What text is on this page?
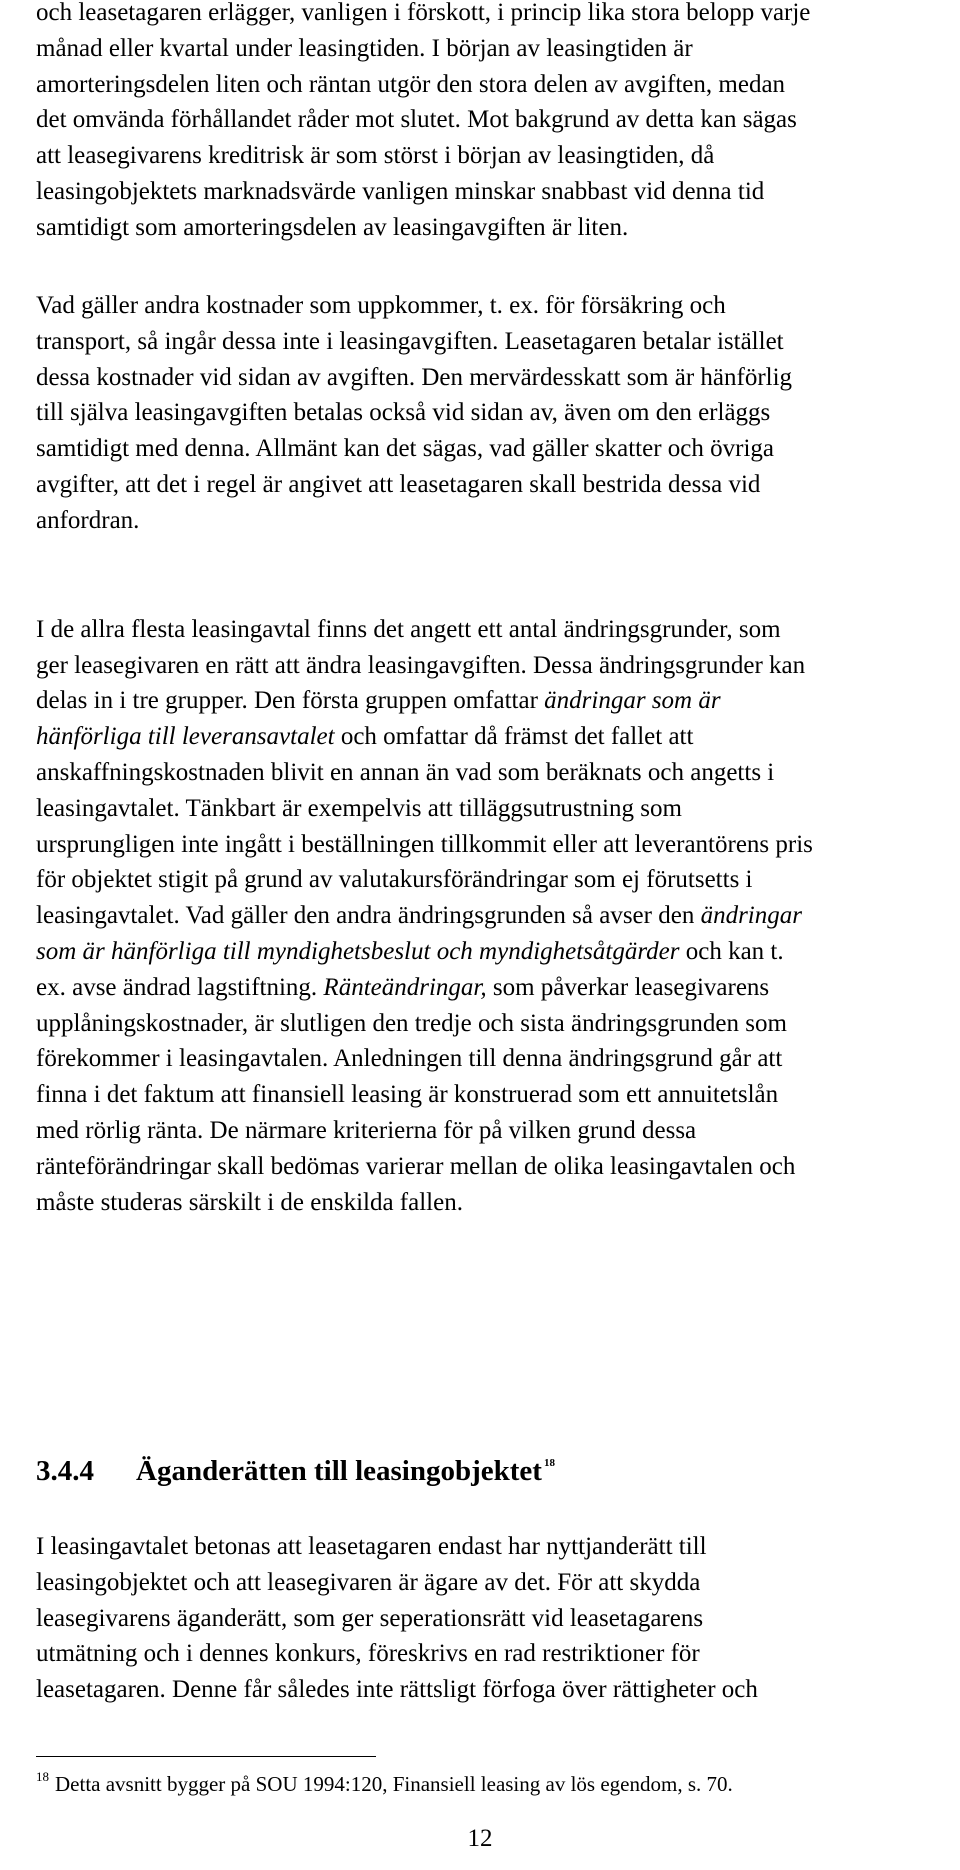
och leasetagaren erlägger, vanligen i förskott, i princip lika stora belopp varje
månad eller kvartal under leasingtiden. I början av leasingtiden är
amorteringsdelen liten och räntan utgör den stora delen av avgiften, medan
det omvända förhållandet råder mot slutet. Mot bakgrund av detta kan sägas
att leasegivarens kreditrisk är som störst i början av leasingtiden, då
leasingobjektets marknadsvärde vanligen minskar snabbast vid denna tid
samtidigt som amorteringsdelen av leasingavgiften är liten.

Vad gäller andra kostnader som uppkommer, t. ex. för försäkring och
transport, så ingår dessa inte i leasingavgiften. Leasetagaren betalar istället
dessa kostnader vid sidan av avgiften. Den mervärdesskatt som är hänförlig
till själva leasingavgiften betalas också vid sidan av, även om den erläggs
samtidigt med denna. Allmänt kan det sägas, vad gäller skatter och övriga
avgifter, att det i regel är angivet att leasetagaren skall bestrida dessa vid
anfordran.

I de allra flesta leasingavtal finns det angett ett antal ändringsgrunder, som
ger leasegivaren en rätt att ändra leasingavgiften. Dessa ändringsgrunder kan
delas in i tre grupper. Den första gruppen omfattar ändringar som är
hänförliga till leveransavtalet och omfattar då främst det fallet att
anskaffningskostnaden blivit en annan än vad som beräknats och angetts i
leasingavtalet. Tänkbart är exempelvis att tilläggsutrustning som
ursprungligen inte ingått i beställningen tillkommit eller att leverantörens pris
för objektet stigit på grund av valutakursförändringar som ej förutsetts i
leasingavtalet. Vad gäller den andra ändringsgrunden så avser den ändringar
som är hänförliga till myndighetsbeslut och myndighetsåtgärder och kan t.
ex. avse ändrad lagstiftning. Ränteändringar, som påverkar leasegivarens
upplåningskostnader, är slutligen den tredje och sista ändringsgrunden som
förekommer i leasingavtalen. Anledningen till denna ändringsgrund går att
finna i det faktum att finansiell leasing är konstruerad som ett annuitetslån
med rörlig ränta. De närmare kriterierna för på vilken grund dessa
ränteförändringar skall bedömas varierar mellan de olika leasingavtalen och
måste studeras särskilt i de enskilda fallen.

3.4.4 Äganderätten till leasingobjektet $^{18}$

I leasingavtalet betonas att leasetagaren endast har nyttjanderätt till
leasingobjektet och att leasegivaren är ägare av det. För att skydda
leasegivarens äganderätt, som ger seperationsrätt vid leasetagarens
utmätning och i dennes konkurs, föreskrivs en rad restriktioner för
leasetagaren. Denne får således inte rättsligt förfoga över rättigheter och

$^{18}$ Detta avsnitt bygger på SOU 1994:120, Finansiell leasing av lös egendom, s. 70.

12
